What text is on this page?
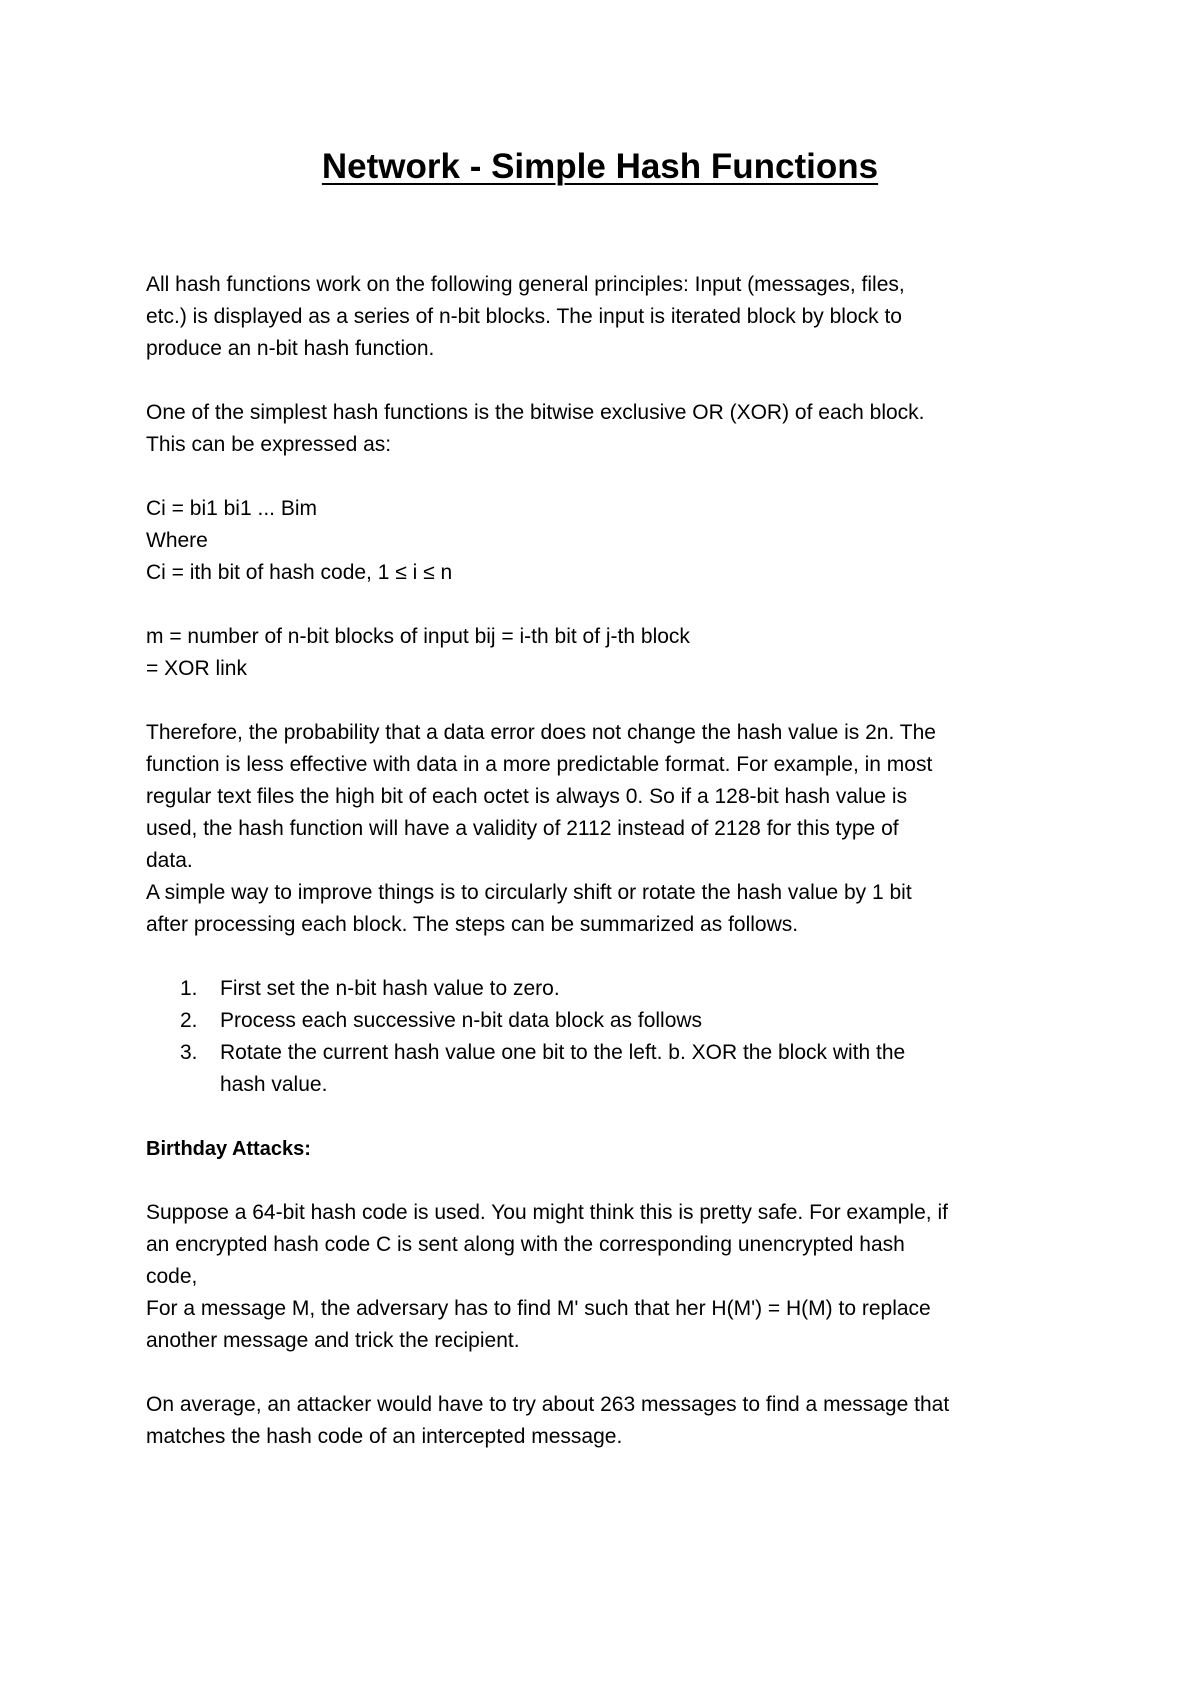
Network - Simple Hash Functions

All hash functions work on the following general principles: Input (messages, files,
etc.) is displayed as a series of n-bit blocks. The input is iterated block by block to
produce an n-bit hash function.

One of the simplest hash functions is the bitwise exclusive OR (XOR) of each block.
This can be expressed as:

Ci = bi1 bi1 ... Bim
Where
Ci = ith bit of hash code, 1 ≤ i ≤ n

m = number of n-bit blocks of input bij = i-th bit of j-th block
= XOR link

Therefore, the probability that a data error does not change the hash value is 2n. The
function is less effective with data in a more predictable format. For example, in most
regular text files the high bit of each octet is always 0. So if a 128-bit hash value is
used, the hash function will have a validity of 2112 instead of 2128 for this type of
data.
A simple way to improve things is to circularly shift or rotate the hash value by 1 bit
after processing each block. The steps can be summarized as follows.

1.	First set the n-bit hash value to zero.
2.	Process each successive n-bit data block as follows
3.	Rotate the current hash value one bit to the left. b. XOR the block with the
hash value.
Birthday Attacks:

Suppose a 64-bit hash code is used. You might think this is pretty safe. For example, if
an encrypted hash code C is sent along with the corresponding unencrypted hash
code,
For a message M, the adversary has to find M' such that her H(M') = H(M) to replace
another message and trick the recipient.

On average, an attacker would have to try about 263 messages to find a message that
matches the hash code of an intercepted message.
